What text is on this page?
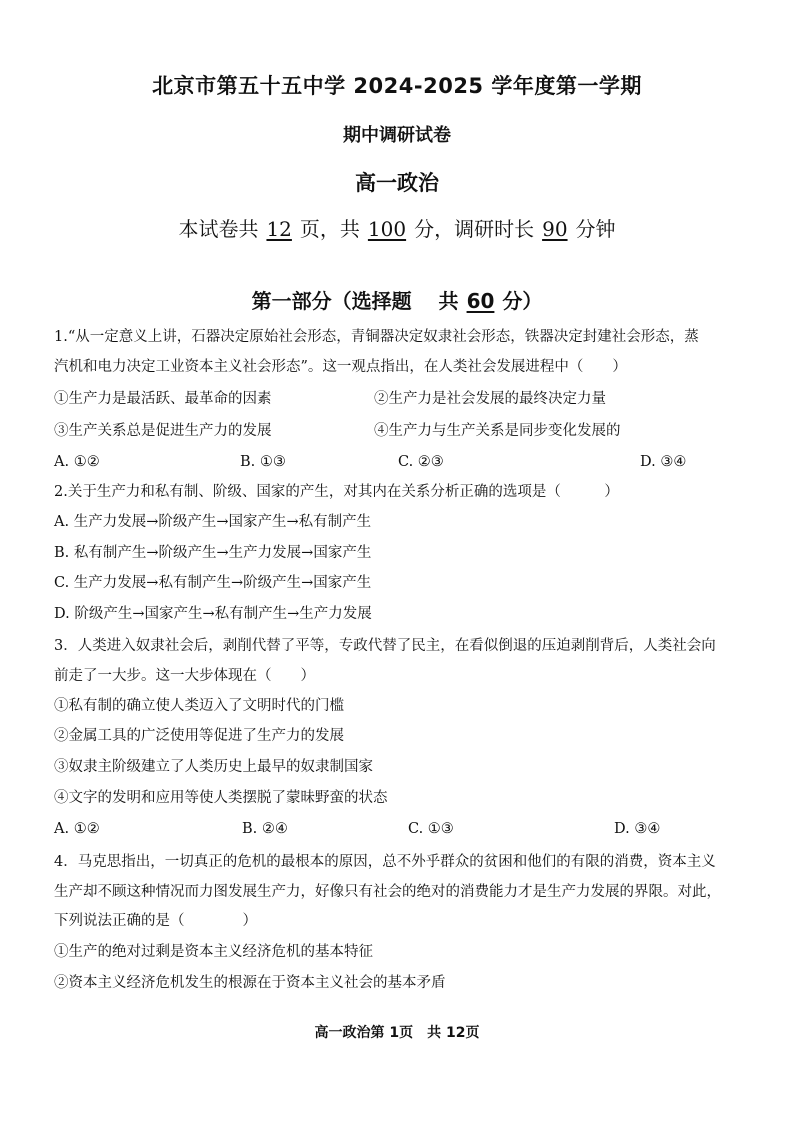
北京市第五十五中学 2024-2025 学年度第一学期
期中调研试卷
高一政治
本试卷共 12 页，共 100 分，调研时长 90 分钟
第一部分（选择题　 共 60 分）
1.“从一定意义上讲，石器决定原始社会形态，青铜器决定奴隶社会形态，铁器决定封建社会形态，蒸
汽机和电力决定工业资本主义社会形态”。这一观点指出，在人类社会发展进程中（　　）
①生产力是最活跃、最革命的因素	②生产力是社会发展的最终决定力量
③生产关系总是促进生产力的发展	④生产力与生产关系是同步变化发展的
A. ①②	B. ①③	C. ②③	D. ③④
2.关于生产力和私有制、阶级、国家的产生，对其内在关系分析正确的选项是（　　　）
A. 生产力发展→阶级产生→国家产生→私有制产生
B. 私有制产生→阶级产生→生产力发展→国家产生
C. 生产力发展→私有制产生→阶级产生→国家产生
D. 阶级产生→国家产生→私有制产生→生产力发展
3．人类进入奴隶社会后，剥削代替了平等，专政代替了民主，在看似倒退的压迫剥削背后，人类社会向
前走了一大步。这一大步体现在（　　）
①私有制的确立使人类迈入了文明时代的门槛
②金属工具的广泛使用等促进了生产力的发展
③奴隶主阶级建立了人类历史上最早的奴隶制国家
④文字的发明和应用等使人类摆脱了蒙昧野蛮的状态
A. ①②	B. ②④	C. ①③	D. ③④
4．马克思指出，一切真正的危机的最根本的原因，总不外乎群众的贫困和他们的有限的消费，资本主义
生产却不顾这种情况而力图发展生产力，好像只有社会的绝对的消费能力才是生产力发展的界限。对此，
下列说法正确的是（　　　　）
①生产的绝对过剩是资本主义经济危机的基本特征
②资本主义经济危机发生的根源在于资本主义社会的基本矛盾
高一政治第 1页　共 12页
